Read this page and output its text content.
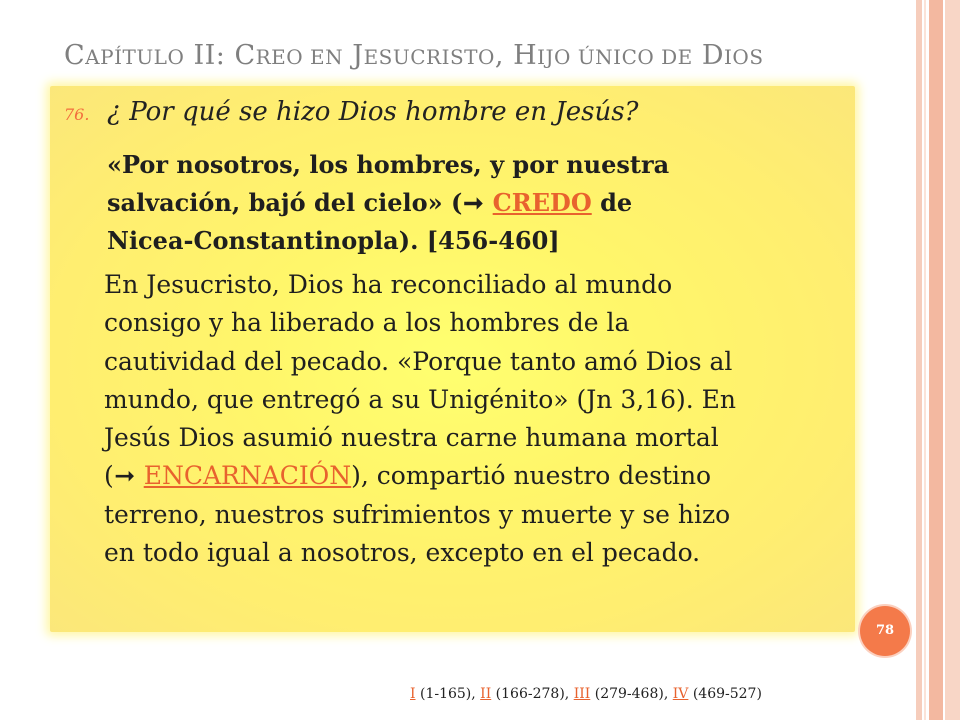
CAPÍTULO II: CREO EN JESUCRISTO, HIJO ÚNICO DE DIOS
76. ¿ Por qué se hizo Dios hombre en Jesús?
«Por nosotros, los hombres, y por nuestra
salvación, bajó del cielo» (➞ CREDO de
Nicea-Constantinopla). [456-460]
En Jesucristo, Dios ha reconciliado al mundo
consigo y ha liberado a los hombres de la
cautividad del pecado. «Porque tanto amó Dios al
mundo, que entregó a su Unigénito» (Jn 3,16). En
Jesús Dios asumió nuestra carne humana mortal
(➞ ENCARNACIÓN), compartió nuestro destino
terreno, nuestros sufrimientos y muerte y se hizo
en todo igual a nosotros, excepto en el pecado.
78
I (1-165), II (166-278), III (279-468), IV (469-527)
